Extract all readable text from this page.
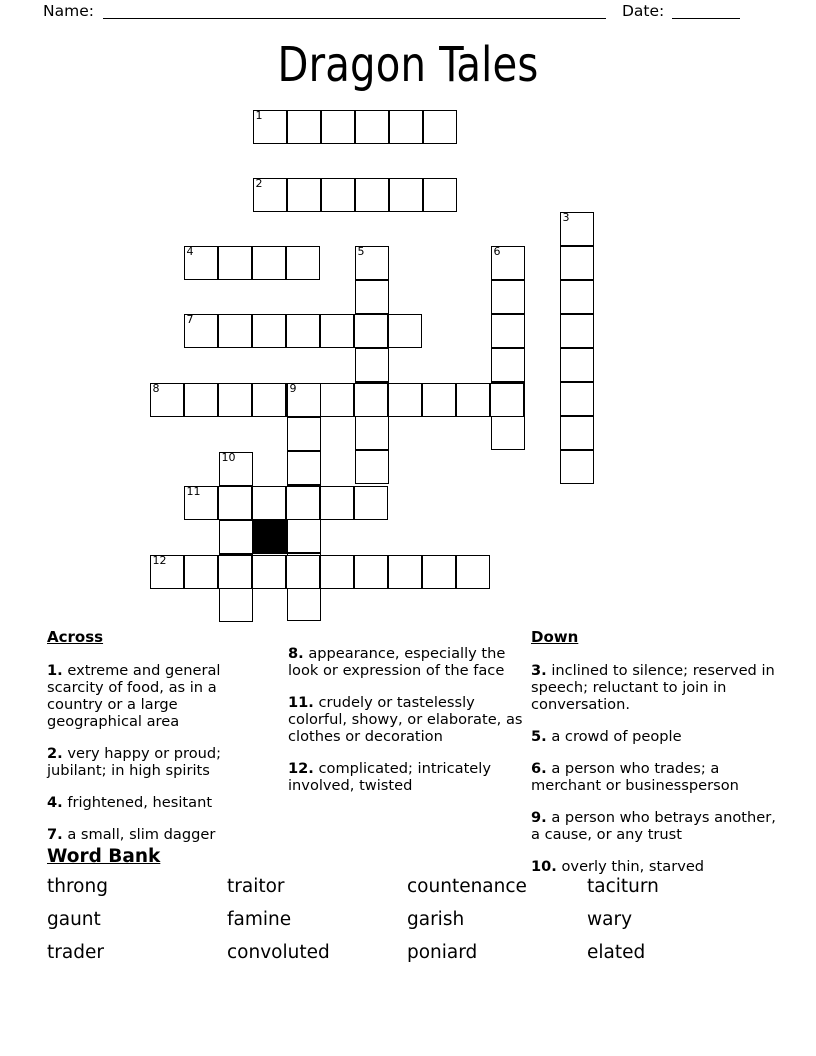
Name:	Date:
Dragon Tales
1
2
3
4	5	6
7
8	9
10
11
12
Across

1. extreme and general scarcity of food, as in a country or a large geographical area

2. very happy or proud; jubilant; in high spirits

4. frightened, hesitant

7. a small, slim dagger

8. appearance, especially the look or expression of the face

11. crudely or tastelessly colorful, showy, or elaborate, as clothes or decoration

12. complicated; intricately involved, twisted

Down

3. inclined to silence; reserved in speech; reluctant to join in conversation.

5. a crowd of people

6. a person who trades; a merchant or businessperson

9. a person who betrays another, a cause, or any trust

10. overly thin, starved

Word Bank
throng	traitor	countenance	taciturn
gaunt	famine	garish	wary
trader	convoluted	poniard	elated
